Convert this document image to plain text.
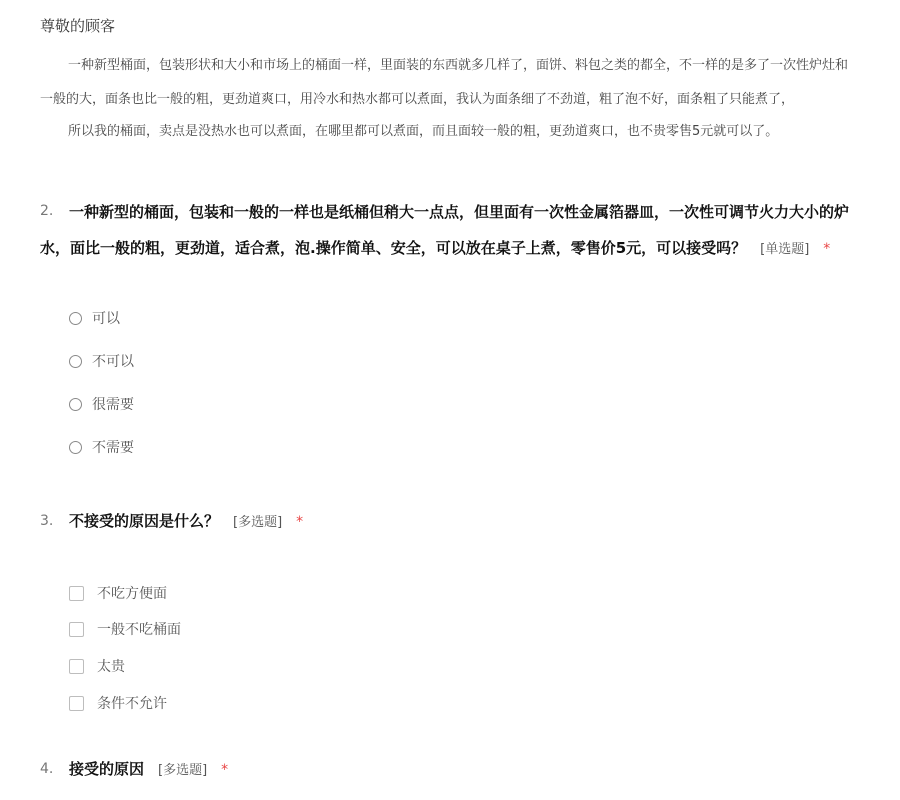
尊敬的顾客
一种新型桶面，包装形状和大小和市场上的桶面一样，里面装的东西就多几样了，面饼、料包之类的都全，不一样的是多了一次性炉灶和
一般的大，面条也比一般的粗，更劲道爽口，用冷水和热水都可以煮面，我认为面条细了不劲道，粗了泡不好，面条粗了只能煮了，
所以我的桶面，卖点是没热水也可以煮面，在哪里都可以煮面，而且面较一般的粗，更劲道爽口，也不贵零售5元就可以了。
2. 一种新型的桶面，包装和一般的一样也是纸桶但稍大一点点，但里面有一次性金属箔器皿，一次性可调节火力大小的炉
水，面比一般的粗，更劲道，适合煮，泡.操作简单、安全，可以放在桌子上煮，零售价5元，可以接受吗？ [单选题] *
可以
不可以
很需要
不需要
3. 不接受的原因是什么？ [多选题] *
不吃方便面
一般不吃桶面
太贵
条件不允许
4. 接受的原因 [多选题] *
